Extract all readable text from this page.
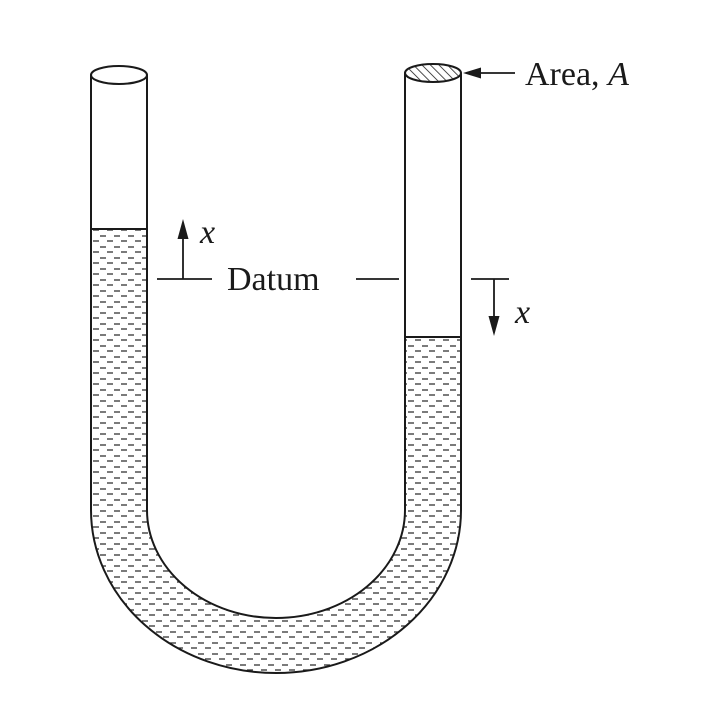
Datum
x
x
Area, A
